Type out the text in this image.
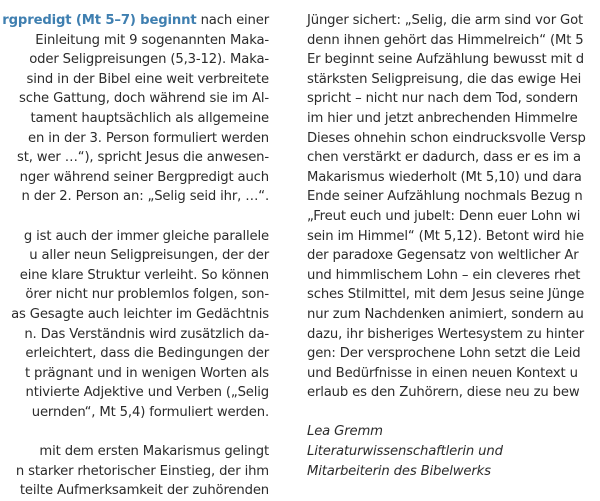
rgpredigt (Mt 5–7) beginnt nach einer
Einleitung mit 9 sogenannten Maka-
oder Seligpreisungen (5,3-12). Maka-
sind in der Bibel eine weit verbreitete
sche Gattung, doch während sie im Al-
tament hauptsächlich als allgemeine
en in der 3. Person formuliert werden
st, wer …“), spricht Jesus die anwesen-
nger während seiner Bergpredigt auch
n der 2. Person an: „Selig seid ihr, …“.
g ist auch der immer gleiche parallele
u aller neun Seligpreisungen, der der
eine klare Struktur verleiht. So können
örer nicht nur problemlos folgen, son-
as Gesagte auch leichter im Gedächtnis
n. Das Verständnis wird zusätzlich da-
erleichtert, dass die Bedingungen der
t prägnant und in wenigen Worten als
ntivierte Adjektive und Verben („Selig
uernden“, Mt 5,4) formuliert werden.
mit dem ersten Makarismus gelingt
n starker rhetorischer Einstieg, der ihm
teilte Aufmerksamkeit der zuhörenden
Jünger sichert: „Selig, die arm sind vor Got
denn ihnen gehört das Himmelreich“ (Mt 5
Er beginnt seine Aufzählung bewusst mit d
stärksten Seligpreisung, die das ewige Hei
spricht – nicht nur nach dem Tod, sondern
im hier und jetzt anbrechenden Himmelre
Dieses ohnehin schon eindrucksvolle Versp
chen verstärkt er dadurch, dass er es im a
Makarismus wiederholt (Mt 5,10) und dara
Ende seiner Aufzählung nochmals Bezug n
„Freut euch und jubelt: Denn euer Lohn wi
sein im Himmel“ (Mt 5,12). Betont wird hie
der paradoxe Gegensatz von weltlicher Ar
und himmlischem Lohn – ein cleveres rhet
sches Stilmittel, mit dem Jesus seine Jünge
nur zum Nachdenken animiert, sondern au
dazu, ihr bisheriges Wertesystem zu hinter
gen: Der versprochene Lohn setzt die Leid
und Bedürfnisse in einen neuen Kontext u
erlaub es den Zuhörern, diese neu zu bew
Lea Gremm
Literaturwissenschaftlerin und
Mitarbeiterin des Bibelwerks
